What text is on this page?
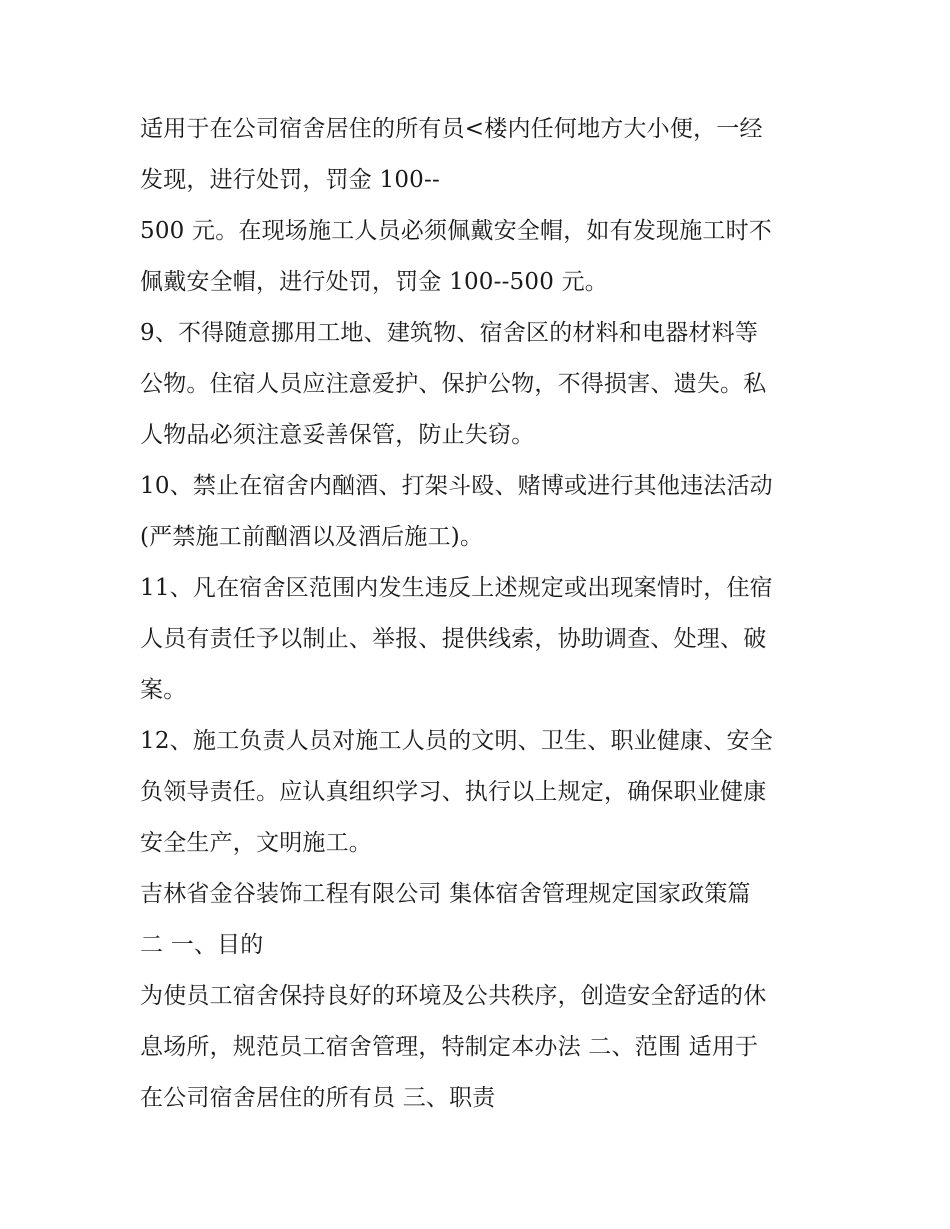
适用于在公司宿舍居住的所有员<楼内任何地方大小便，一经
发现，进行处罚，罚金 100--
500 元。在现场施工人员必须佩戴安全帽，如有发现施工时不
佩戴安全帽，进行处罚，罚金 100--500 元。
9、不得随意挪用工地、建筑物、宿舍区的材料和电器材料等
公物。住宿人员应注意爱护、保护公物，不得损害、遗失。私
人物品必须注意妥善保管，防止失窃。
10、禁止在宿舍内酗酒、打架斗殴、赌博或进行其他违法活动
(严禁施工前酗酒以及酒后施工)。
11、凡在宿舍区范围内发生违反上述规定或出现案情时，住宿
人员有责任予以制止、举报、提供线索，协助调查、处理、破
案。
12、施工负责人员对施工人员的文明、卫生、职业健康、安全
负领导责任。应认真组织学习、执行以上规定，确保职业健康
安全生产，文明施工。
吉林省金谷装饰工程有限公司 集体宿舍管理规定国家政策篇
二 一、目的
为使员工宿舍保持良好的环境及公共秩序，创造安全舒适的休
息场所，规范员工宿舍管理，特制定本办法 二、范围 适用于
在公司宿舍居住的所有员 三、职责
